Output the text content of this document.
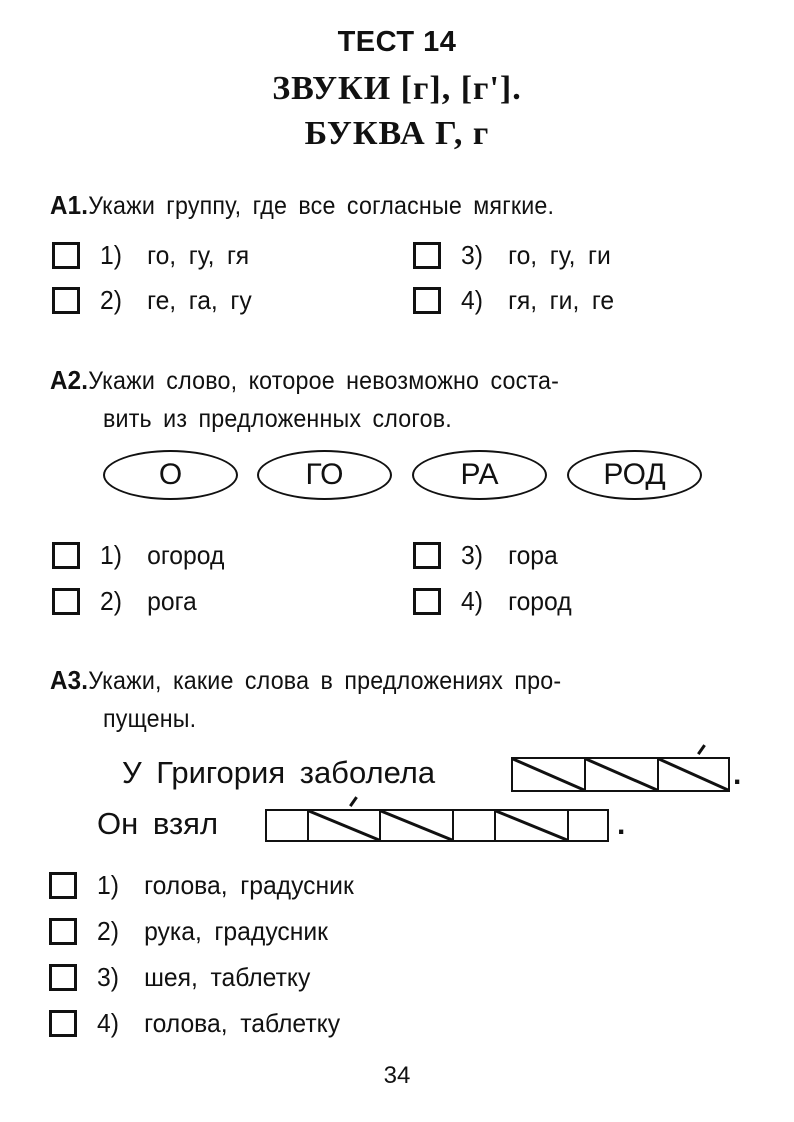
ТЕСТ 14
ЗВУКИ [г], [г'].
БУКВА Г, г
А1.Укажи группу, где все согласные мягкие.
1) го, гу, гя
2) ге, га, гу
3) го, гу, ги
4) гя, ги, ге
А2.Укажи слово, которое невозможно соста-
вить из предложенных слогов.
О	ГО	РА	РОД
1) огород
2) рога
3) гора
4) город
А3.Укажи, какие слова в предложениях про-
пущены.
У Григория заболела	.
Он взял	.
1) голова, градусник
2) рука, градусник
3) шея, таблетку
4) голова, таблетку
34
